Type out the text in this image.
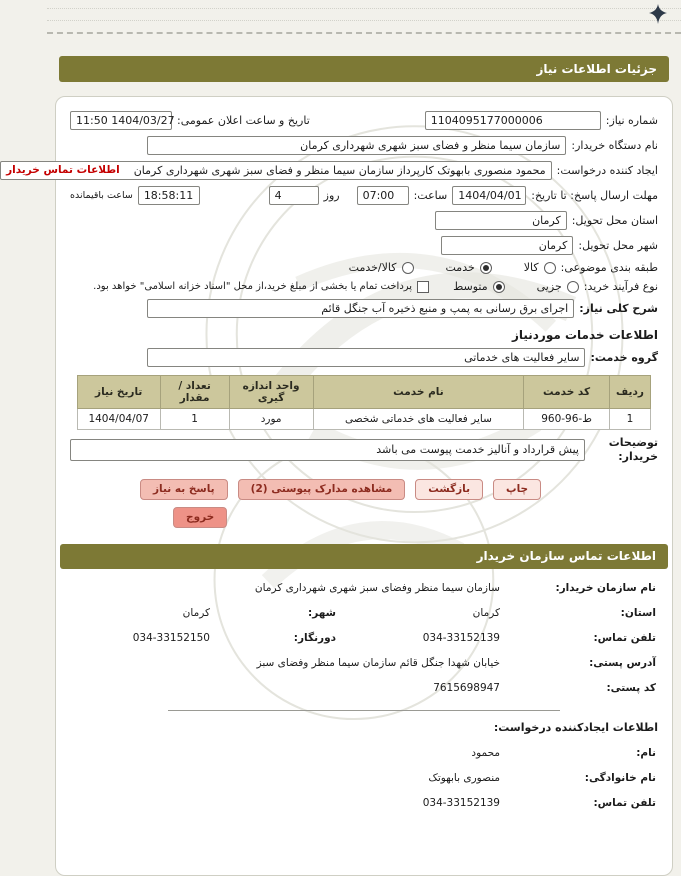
جزئیات اطلاعات نیاز
شماره نیاز:
1104095177000006
تاریخ و ساعت اعلان عمومی:
11:50 1404/03/27
نام دستگاه خریدار:
سازمان سیما منظر و فضای سبز شهری شهرداری کرمان
ایجاد کننده درخواست:
محمود منصوری بابهوتک کارپرداز سازمان سیما منظر و فضای سبز شهری شهرداری کرمان
اطلاعات تماس خریدار
مهلت ارسال پاسخ: تا تاریخ:
1404/04/01
ساعت:
07:00
روز
4
18:58:11
ساعت باقیمانده
استان محل تحویل:
کرمان
شهر محل تحویل:
کرمان
طبقه بندی موضوعی:
کالا
خدمت
کالا/خدمت
نوع فرآیند خرید:
جزیی
متوسط
پرداخت تمام یا بخشی از مبلغ خرید،از محل "اسناد خزانه اسلامی" خواهد بود.
شرح کلی نیاز:
اجرای برق رسانی به پمپ و منبع ذخیره آب جنگل قائم
اطلاعات خدمات موردنیاز
گروه خدمت:
سایر فعالیت های خدماتی
ردیف	کد خدمت	نام خدمت	واحد اندازه گیری	تعداد / مقدار	تاریخ نیاز
1	ط-96-960	سایر فعالیت های خدماتی شخصی	مورد	1	1404/04/07
توضیحات خریدار:
پیش قرارداد و آنالیز خدمت پیوست می باشد
پاسخ به نیاز	مشاهده مدارک پیوستی (2)	بازگشت	چاپ
خروج
اطلاعات تماس سازمان خریدار
نام سازمان خریدار:
سازمان سیما منظر وفضای سبز شهری شهرداری کرمان
استان:
کرمان
شهر:
کرمان
تلفن تماس:
034-33152139
دورنگار:
034-33152150
آدرس پستی:
خیابان شهدا جنگل قائم سازمان سیما منظر وفضای سبز
کد پستی:
7615698947
اطلاعات ایجادکننده درخواست:
نام:
محمود
نام خانوادگی:
منصوری بابهوتک
تلفن تماس:
034-33152139
